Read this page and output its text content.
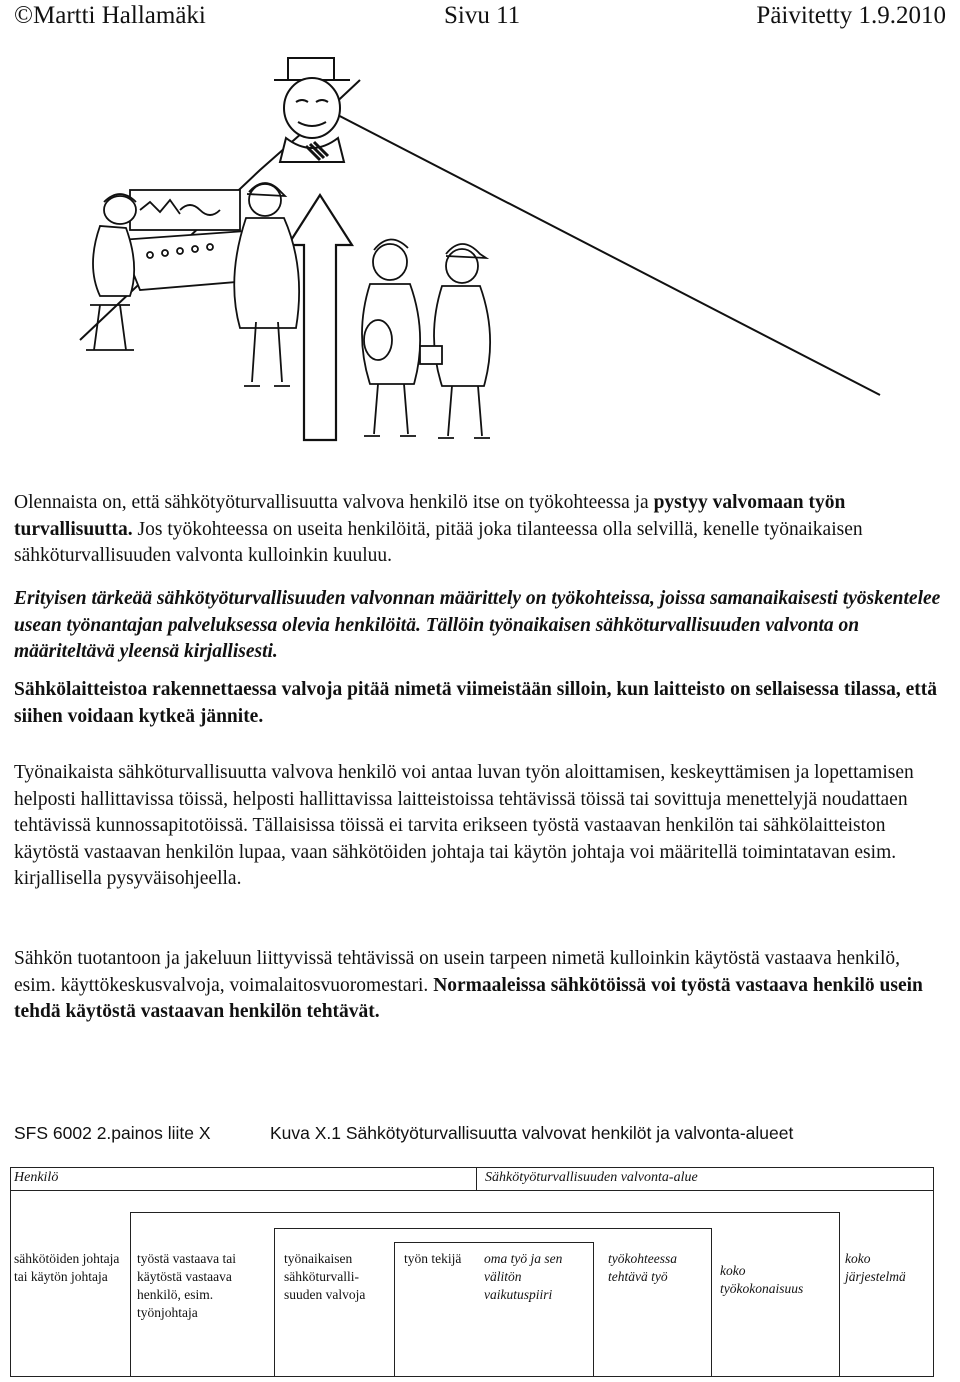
©Martti Hallamäki	Sivu 11	Päivitetty 1.9.2010
Olennaista on, että sähkötyöturvallisuutta valvova henkilö itse on työkohteessa ja pystyy valvomaan työn turvallisuutta. Jos työkohteessa on useita henkilöitä, pitää joka tilanteessa olla selvillä, kenelle työnaikaisen sähköturvallisuuden valvonta kulloinkin kuuluu.
Erityisen tärkeää sähkötyöturvallisuuden valvonnan määrittely on työkohteissa, joissa samanaikaisesti työskentelee usean työnantajan palveluksessa olevia henkilöitä. Tällöin työnaikaisen sähköturvallisuuden valvonta on määriteltävä yleensä kirjallisesti.
Sähkölaitteistoa rakennettaessa valvoja pitää nimetä viimeistään silloin, kun laitteisto on sellaisessa tilassa, että siihen voidaan kytkeä jännite.
Työnaikaista sähköturvallisuutta valvova henkilö voi antaa luvan työn aloittamisen, keskeyttämisen ja lopettamisen helposti hallittavissa töissä, helposti hallittavissa laitteistoissa tehtävissä töissä tai sovittuja menettelyjä noudattaen tehtävissä kunnossapitotöissä. Tällaisissa töissä ei tarvita erikseen työstä vastaavan henkilön tai sähkölaitteiston käytöstä vastaavan henkilön lupaa, vaan sähkötöiden johtaja tai käytön johtaja voi määritellä toimintatavan esim. kirjallisella pysyväisohjeella.
Sähkön tuotantoon ja jakeluun liittyvissä tehtävissä on usein tarpeen nimetä kulloinkin käytöstä vastaava henkilö, esim. käyttökeskusvalvoja, voimalaitosvuoromestari. Normaaleissa sähkötöissä voi työstä vastaava henkilö usein tehdä käytöstä vastaavan henkilön tehtävät.
SFS 6002 2.painos liite X	Kuva X.1 Sähkötyöturvallisuutta valvovat henkilöt ja valvonta-alueet
Henkilö	Sähkötyöturvallisuuden valvonta-alue
sähkötöiden johtaja tai käytön johtaja
työstä vastaava tai käytöstä vastaava henkilö, esim. työnjohtaja
työnaikaisen sähköturvalli-suuden valvoja
työn tekijä oma työ ja sen välitön vaikutuspiiri
työkohteessa tehtävä työ	koko työkokonaisuus
koko järjestelmä
